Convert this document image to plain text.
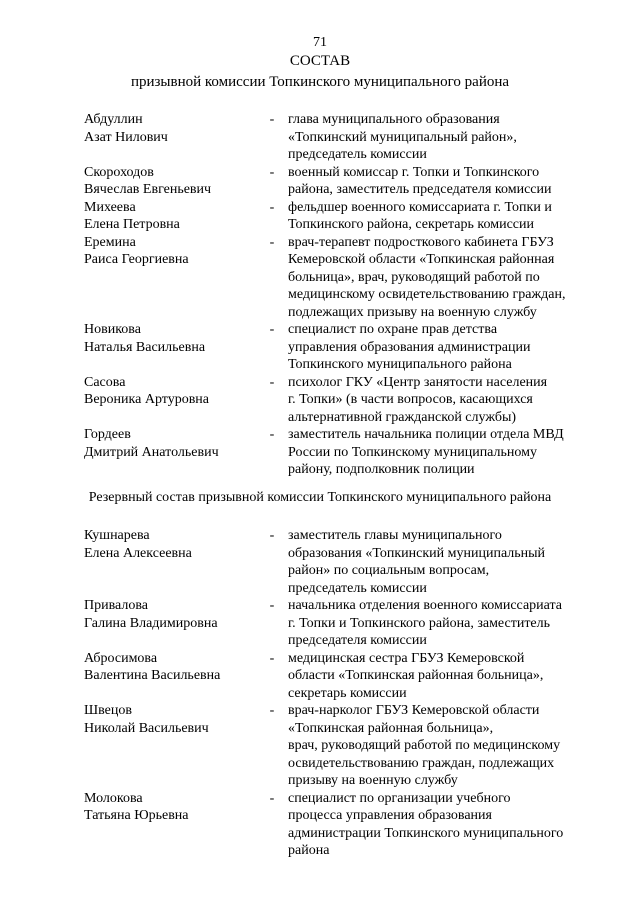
71
СОСТАВ
призывной комиссии Топкинского муниципального района
Абдуллин
Азат Нилович
- глава муниципального образования
«Топкинский муниципальный район»,
председатель комиссии
Скороходов
Вячеслав Евгеньевич
- военный комиссар г. Топки и Топкинского
района, заместитель председателя комиссии
Михеева
Елена Петровна
- фельдшер военного комиссариата г. Топки и
Топкинского района, секретарь комиссии
Еремина
Раиса Георгиевна
- врач-терапевт подросткового кабинета ГБУЗ
Кемеровской области «Топкинская районная
больница», врач, руководящий работой по
медицинскому освидетельствованию граждан,
подлежащих призыву на военную службу
Новикова
Наталья Васильевна
- специалист по охране прав детства
управления образования администрации
Топкинского муниципального района
Сасова
Вероника Артуровна
- психолог ГКУ «Центр занятости населения
г. Топки» (в части вопросов, касающихся
альтернативной гражданской службы)
Гордеев
Дмитрий Анатольевич
- заместитель начальника полиции отдела МВД
России по Топкинскому муниципальному
району, подполковник полиции
Резервный состав призывной комиссии Топкинского муниципального района
Кушнарева
Елена Алексеевна
- заместитель главы муниципального
образования «Топкинский муниципальный
район» по социальным вопросам,
председатель комиссии
Привалова
Галина Владимировна
- начальника отделения военного комиссариата
г. Топки и Топкинского района, заместитель
председателя комиссии
Абросимова
Валентина Васильевна
- медицинская сестра ГБУЗ Кемеровской
области «Топкинская районная больница»,
секретарь комиссии
Швецов
Николай Васильевич
- врач-нарколог ГБУЗ Кемеровской области
«Топкинская районная больница»,
врач, руководящий работой по медицинскому
освидетельствованию граждан, подлежащих
призыву на военную службу
Молокова
Татьяна Юрьевна
- специалист по организации учебного
процесса управления образования
администрации Топкинского муниципального
района
